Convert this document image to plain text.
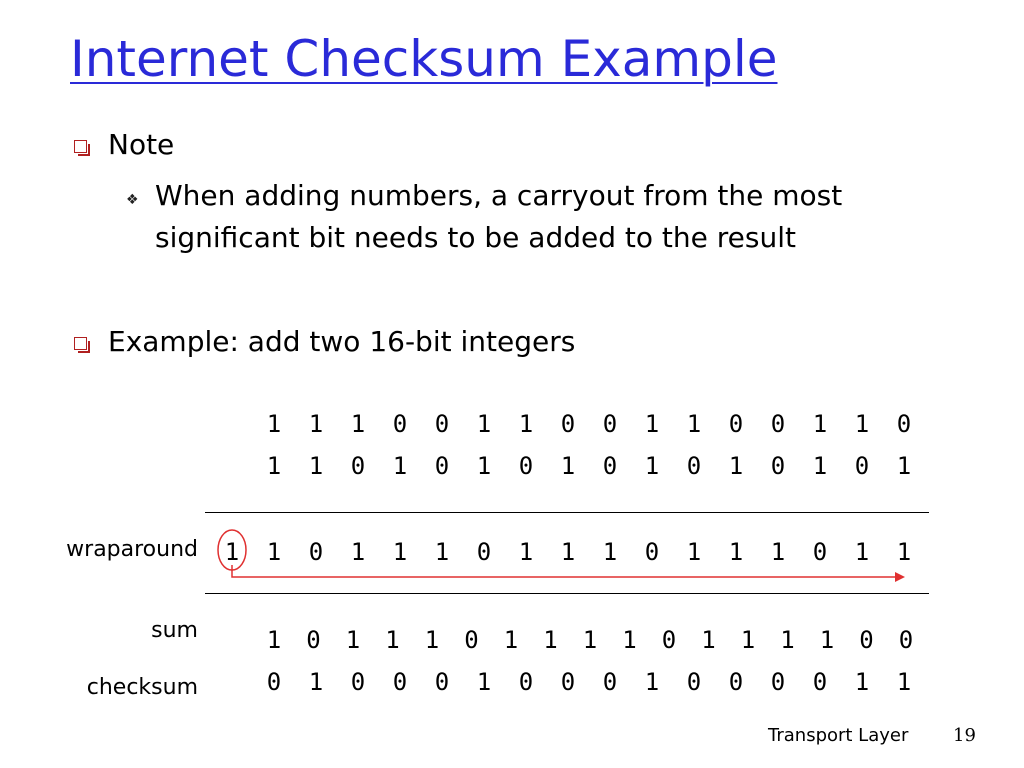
Internet Checksum Example
Note
❖ When adding numbers, a carryout from the most
significant bit needs to be added to the result
Example: add two 16-bit integers
1 1 1 0 0 1 1 0 0 1 1 0 0 1 1 0
1 1 0 1 0 1 0 1 0 1 0 1 0 1 0 1
wraparound 1 1 0 1 1 1 0 1 1 1 0 1 1 1 0 1 1
sum	1 0 1 1 1 0 1 1 1 1 0 1 1 1 1 0 0
checksum	0 1 0 0 0 1 0 0 0 1 0 0 0 0 1 1
Transport Layer 19
